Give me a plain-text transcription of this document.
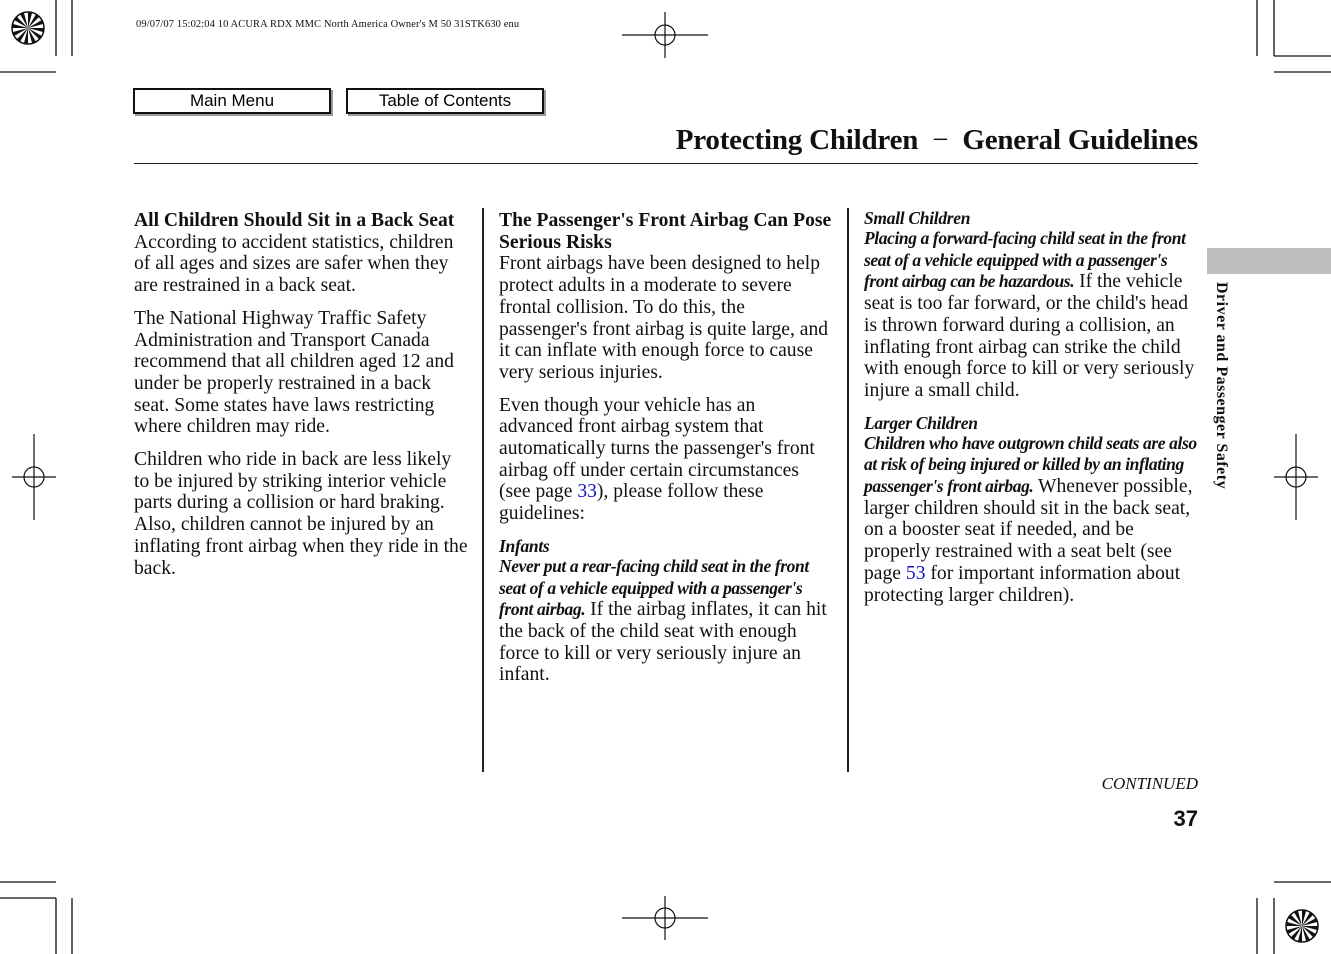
09/07/07 15:02:04 10 ACURA RDX MMC North America Owner's M 50 31STK630 enu
Main Menu	Table of Contents
Protecting Children − General Guidelines
All Children Should Sit in a Back Seat

According to accident statistics, children of all ages and sizes are safer when they are restrained in a back seat.

The National Highway Traffic Safety Administration and Transport Canada recommend that all children aged 12 and under be properly restrained in a back seat. Some states have laws restricting where children may ride.

Children who ride in back are less likely to be injured by striking interior vehicle parts during a collision or hard braking. Also, children cannot be injured by an inflating front airbag when they ride in the back.

The Passenger's Front Airbag Can Pose Serious Risks

Front airbags have been designed to help protect adults in a moderate to severe frontal collision. To do this, the passenger's front airbag is quite large, and it can inflate with enough force to cause very serious injuries.

Even though your vehicle has an advanced front airbag system that automatically turns the passenger's front airbag off under certain circumstances (see page 33), please follow these guidelines:

Infants

Never put a rear-facing child seat in the front seat of a vehicle equipped with a passenger's front airbag. If the airbag inflates, it can hit the back of the child seat with enough force to kill or very seriously injure an infant.

Small Children

Placing a forward-facing child seat in the front seat of a vehicle equipped with a passenger's front airbag can be hazardous. If the vehicle seat is too far forward, or the child's head is thrown forward during a collision, an inflating front airbag can strike the child with enough force to kill or very seriously injure a small child.

Larger Children

Children who have outgrown child seats are also at risk of being injured or killed by an inflating passenger's front airbag. Whenever possible, larger children should sit in the back seat, on a booster seat if needed, and be properly restrained with a seat belt (see page 53 for important information about protecting larger children).

Driver and Passenger Safety
CONTINUED
37
